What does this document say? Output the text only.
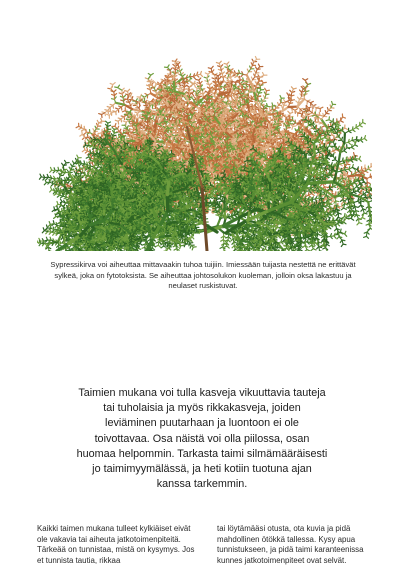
Sypressikirva voi aiheuttaa mittavaakin tuhoa tuijiin. Imiessään tuijasta nestettä ne erittävät sylkeä, joka on fytotoksista. Se aiheuttaa johtosolukon kuoleman, jolloin oksa lakastuu ja neulaset ruskistuvat.

Taimien mukana voi tulla kasveja vikuuttavia tauteja tai tuholaisia ja myös rikkakasveja, joiden leviäminen puutarhaan ja luontoon ei ole toivottavaa. Osa näistä voi olla piilossa, osan huomaa helpommin. Tarkasta taimi silmämääräisesti jo taimimyymälässä, ja heti kotiin tuotuna ajan kanssa tarkemmin.

Kaikki taimen mukana tulleet kylkiäiset eivät ole vakavia tai aiheuta jatkotoimenpiteitä. Tärkeää on tunnistaa, mistä on kysymys. Jos et tunnista tautia, rikkaa

tai löytämääsi otusta, ota kuvia ja pidä mahdollinen ötökkä tallessa. Kysy apua tunnistukseen, ja pidä taimi karanteenissa kunnes jatkotoimenpiteet ovat selvät.
